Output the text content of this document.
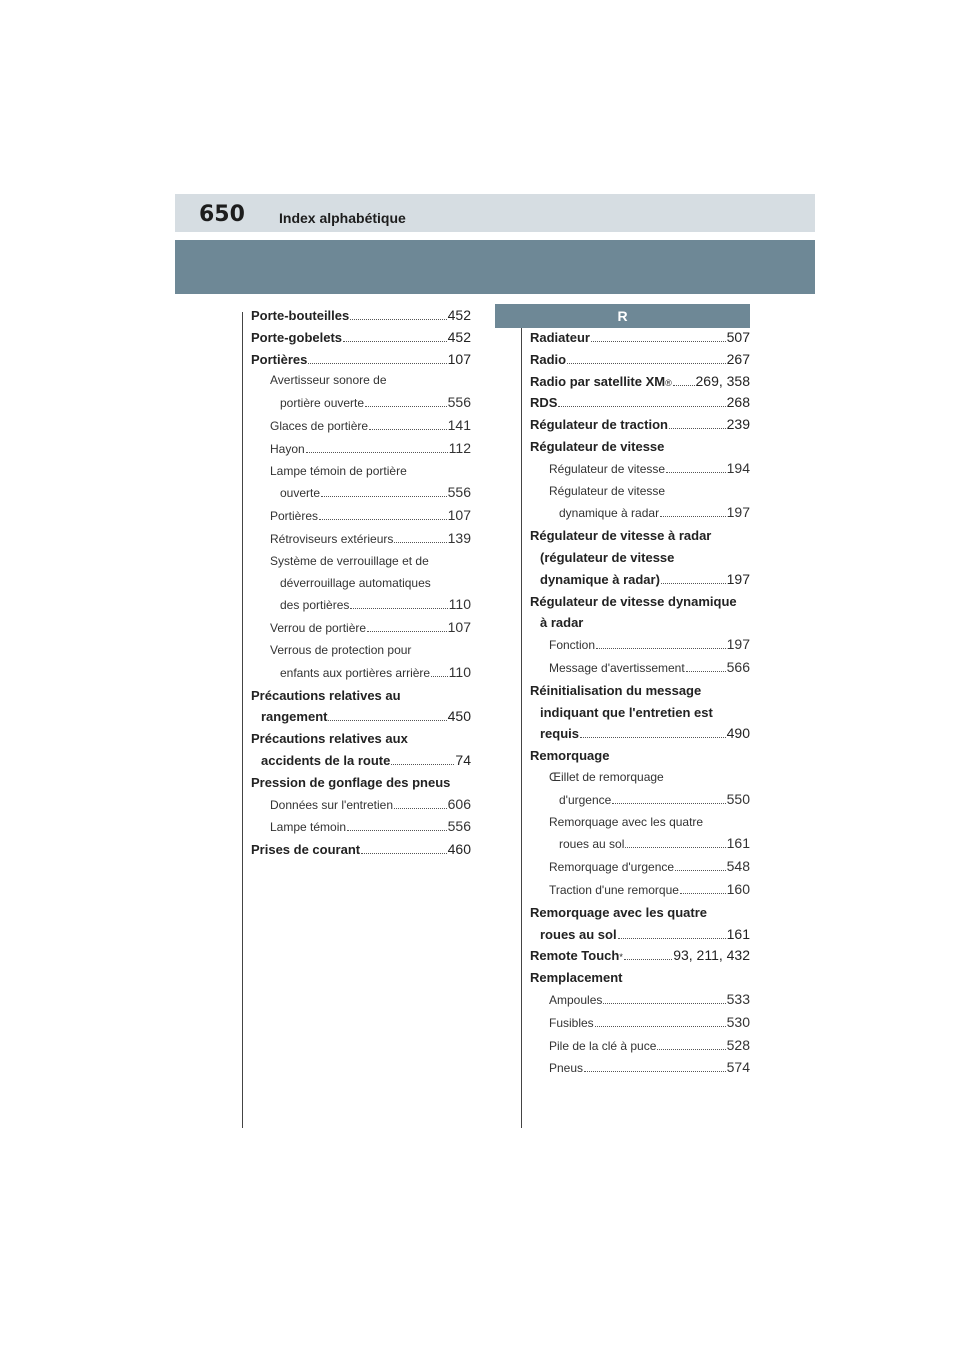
650 Index alphabétique
R
Porte-bouteilles	452
Porte-gobelets	452
Portières	107
Avertisseur sonore de
portière ouverte	556
Glaces de portière	141
Hayon	112
Lampe témoin de portière
ouverte	556
Portières	107
Rétroviseurs extérieurs	139
Système de verrouillage et de
déverrouillage automatiques
des portières	110
Verrou de portière	107
Verrous de protection pour
enfants aux portières arrière 110
Précautions relatives au
rangement	450
Précautions relatives aux
accidents de la route	74
Pression de gonflage des pneus
Données sur l'entretien	606
Lampe témoin	556
Prises de courant	460
Radiateur	507
Radio	267
Radio par satellite XM ® 269, 358
RDS	268
Régulateur de traction	239
Régulateur de vitesse
Régulateur de vitesse	194
Régulateur de vitesse
dynamique à radar	197
Régulateur de vitesse à radar
(régulateur de vitesse
dynamique à radar)	197
Régulateur de vitesse dynamique
à radar
Fonction	197
Message d'avertissement	566
Réinitialisation du message
indiquant que l'entretien est
requis	490
Remorquage
Œillet de remorquage
d'urgence	550
Remorquage avec les quatre
roues au sol	161
Remorquage d'urgence	548
Traction d'une remorque	160
Remorquage avec les quatre
roues au sol	161
Remote Touch *	93, 211, 432
Remplacement
Ampoules	533
Fusibles	530
Pile de la clé à puce	528
Pneus	574
